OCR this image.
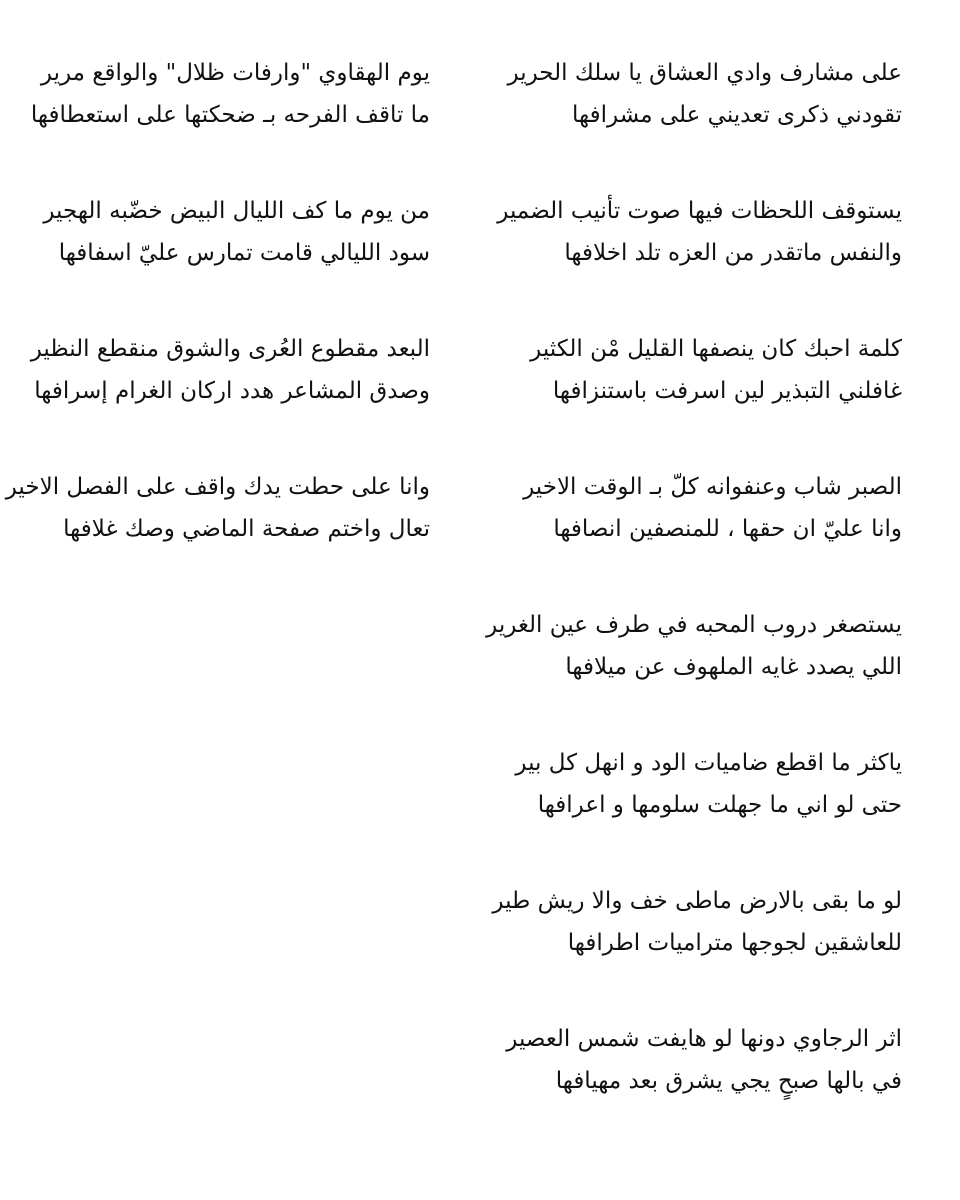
على مشارف وادي العشاق يا سلك الحرير
تقودني ذكرى تعديني على مشرافها
يستوقف اللحظات فيها صوت تأنيب الضمير
والنفس ماتقدر من العزه تلد اخلافها
كلمة احبك كان ينصفها القليل مْن الكثير
غافلني التبذير لين اسرفت باستنزافها
الصبر شاب وعنفوانه كلّ بـ الوقت الاخير
وانا عليّ ان حقها ، للمنصفين انصافها
يستصغر دروب المحبه في طرف عين الغرير
اللي يصدد غايه الملهوف عن ميلافها
ياكثر ما اقطع ضاميات الود و انهل كل بير
حتى لو اني ما جهلت سلومها و اعرافها
لو ما بقى بالارض ماطى خف والا ريش طير
للعاشقين لجوجها متراميات اطرافها
اثر الرجاوي دونها لو هايفت شمس العصير
في بالها صبحٍ يجي يشرق بعد مهيافها
يوم الهقاوي "وارفات ظلال" والواقع مرير
ما تاقف الفرحه بـ ضحكتها على استعطافها
من يوم ما كف الليال البيض خضّبه الهجير
سود الليالي قامت تمارس عليّ اسفافها
البعد مقطوع العُرى والشوق منقطع النظير
وصدق المشاعر هدد اركان الغرام إسرافها
وانا على حطت يدك واقف على الفصل الاخير
تعال واختم صفحة الماضي وصك غلافها
